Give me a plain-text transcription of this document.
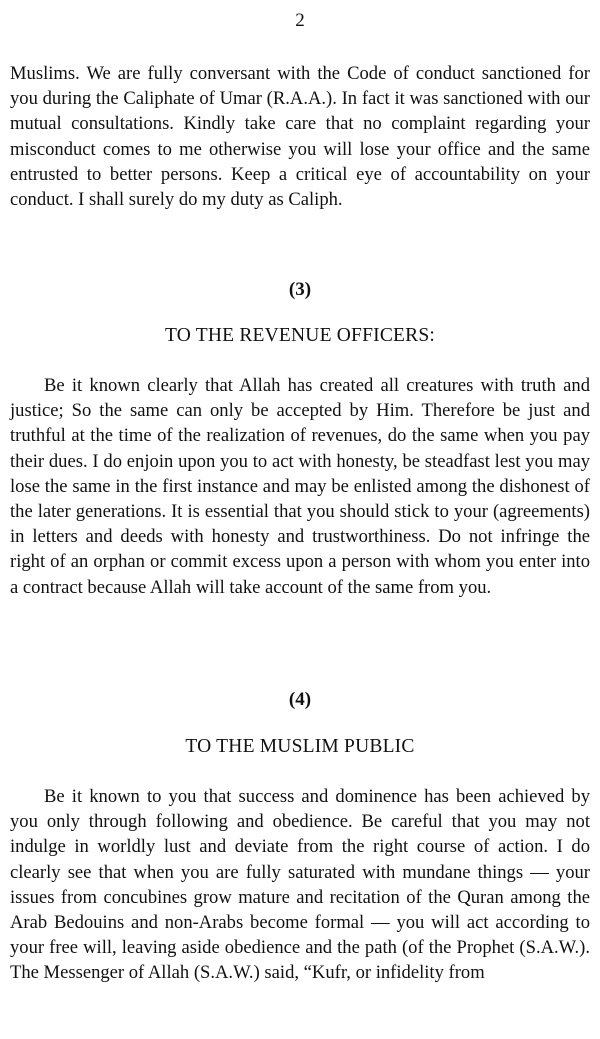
2

Muslims. We are fully conversant with the Code of conduct sanctioned for you during the Caliphate of Umar (R.A.A.). In fact it was sanctioned with our mutual consultations. Kindly take care that no complaint regarding your misconduct comes to me otherwise you will lose your office and the same entrusted to better persons. Keep a critical eye of accountability on your conduct. I shall surely do my duty as Caliph.

(3)
TO THE REVENUE OFFICERS:

Be it known clearly that Allah has created all creatures with truth and justice; So the same can only be accepted by Him. Therefore be just and truthful at the time of the realization of revenues, do the same when you pay their dues. I do enjoin upon you to act with honesty, be steadfast lest you may lose the same in the first instance and may be enlisted among the dishonest of the later generations. It is essential that you should stick to your (agreements) in letters and deeds with honesty and trustworthiness. Do not infringe the right of an orphan or commit excess upon a person with whom you enter into a contract because Allah will take account of the same from you.

(4)
TO THE MUSLIM PUBLIC

Be it known to you that success and dominence has been achieved by you only through following and obedience. Be careful that you may not indulge in worldly lust and deviate from the right course of action. I do clearly see that when you are fully saturated with mundane things — your issues from concubines grow mature and recitation of the Quran among the Arab Bedouins and non-Arabs become formal — you will act according to your free will, leaving aside obedience and the path (of the Prophet (S.A.W.). The Messenger of Allah (S.A.W.) said, “Kufr, or infidelity from
